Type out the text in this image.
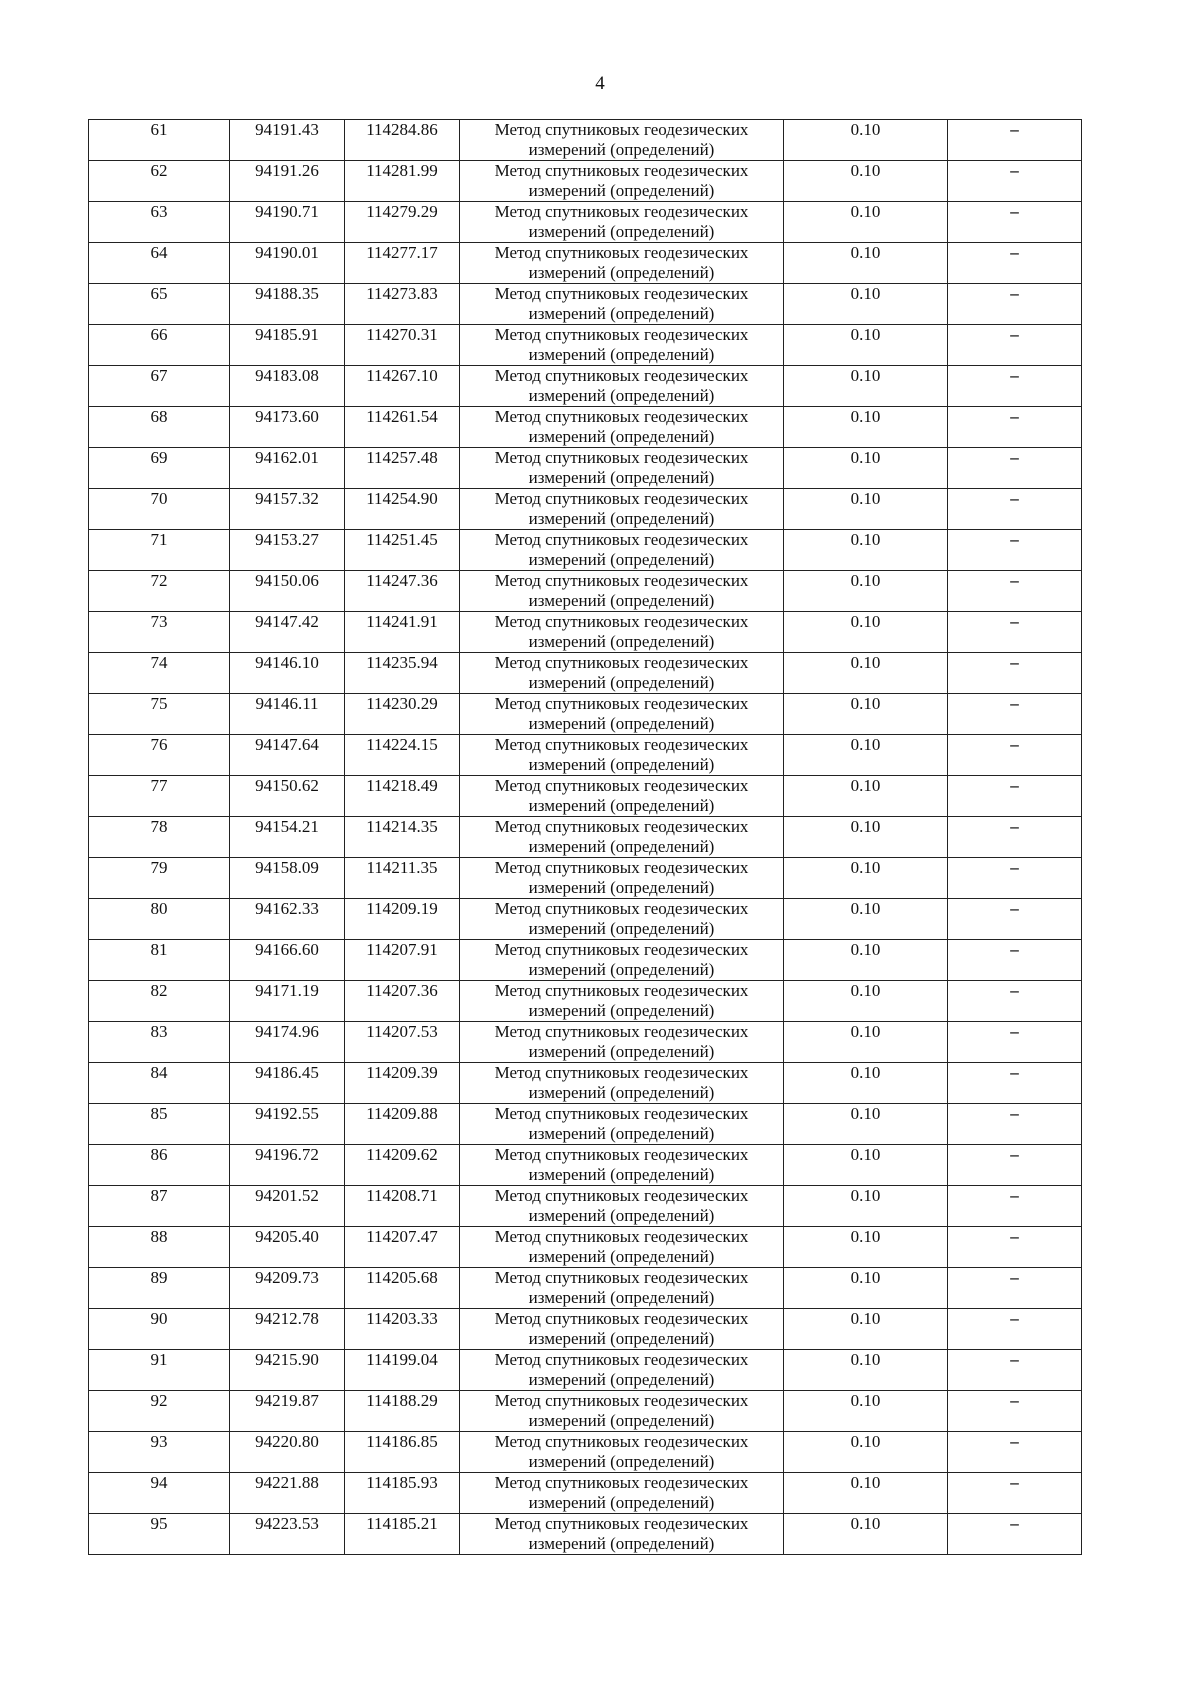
4
61	94191.43	114284.86	Метод спутниковых геодезических измерений (определений)	0.10	–
62	94191.26	114281.99	Метод спутниковых геодезических измерений (определений)	0.10	–
63	94190.71	114279.29	Метод спутниковых геодезических измерений (определений)	0.10	–
64	94190.01	114277.17	Метод спутниковых геодезических измерений (определений)	0.10	–
65	94188.35	114273.83	Метод спутниковых геодезических измерений (определений)	0.10	–
66	94185.91	114270.31	Метод спутниковых геодезических измерений (определений)	0.10	–
67	94183.08	114267.10	Метод спутниковых геодезических измерений (определений)	0.10	–
68	94173.60	114261.54	Метод спутниковых геодезических измерений (определений)	0.10	–
69	94162.01	114257.48	Метод спутниковых геодезических измерений (определений)	0.10	–
70	94157.32	114254.90	Метод спутниковых геодезических измерений (определений)	0.10	–
71	94153.27	114251.45	Метод спутниковых геодезических измерений (определений)	0.10	–
72	94150.06	114247.36	Метод спутниковых геодезических измерений (определений)	0.10	–
73	94147.42	114241.91	Метод спутниковых геодезических измерений (определений)	0.10	–
74	94146.10	114235.94	Метод спутниковых геодезических измерений (определений)	0.10	–
75	94146.11	114230.29	Метод спутниковых геодезических измерений (определений)	0.10	–
76	94147.64	114224.15	Метод спутниковых геодезических измерений (определений)	0.10	–
77	94150.62	114218.49	Метод спутниковых геодезических измерений (определений)	0.10	–
78	94154.21	114214.35	Метод спутниковых геодезических измерений (определений)	0.10	–
79	94158.09	114211.35	Метод спутниковых геодезических измерений (определений)	0.10	–
80	94162.33	114209.19	Метод спутниковых геодезических измерений (определений)	0.10	–
81	94166.60	114207.91	Метод спутниковых геодезических измерений (определений)	0.10	–
82	94171.19	114207.36	Метод спутниковых геодезических измерений (определений)	0.10	–
83	94174.96	114207.53	Метод спутниковых геодезических измерений (определений)	0.10	–
84	94186.45	114209.39	Метод спутниковых геодезических измерений (определений)	0.10	–
85	94192.55	114209.88	Метод спутниковых геодезических измерений (определений)	0.10	–
86	94196.72	114209.62	Метод спутниковых геодезических измерений (определений)	0.10	–
87	94201.52	114208.71	Метод спутниковых геодезических измерений (определений)	0.10	–
88	94205.40	114207.47	Метод спутниковых геодезических измерений (определений)	0.10	–
89	94209.73	114205.68	Метод спутниковых геодезических измерений (определений)	0.10	–
90	94212.78	114203.33	Метод спутниковых геодезических измерений (определений)	0.10	–
91	94215.90	114199.04	Метод спутниковых геодезических измерений (определений)	0.10	–
92	94219.87	114188.29	Метод спутниковых геодезических измерений (определений)	0.10	–
93	94220.80	114186.85	Метод спутниковых геодезических измерений (определений)	0.10	–
94	94221.88	114185.93	Метод спутниковых геодезических измерений (определений)	0.10	–
95	94223.53	114185.21	Метод спутниковых геодезических измерений (определений)	0.10	–
